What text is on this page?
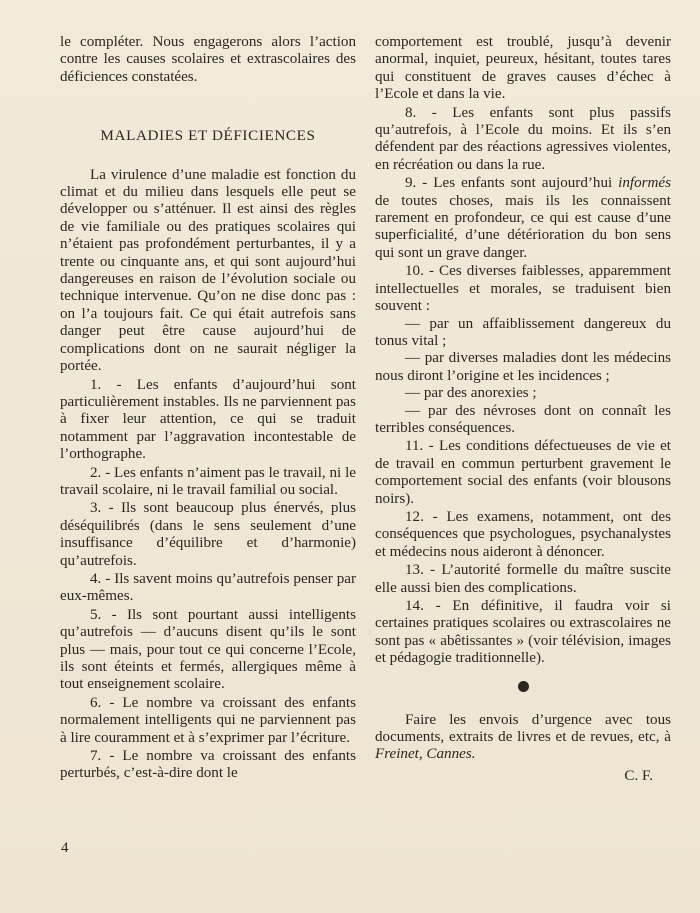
le compléter. Nous engagerons alors l’action contre les causes scolaires et extrascolaires des déficiences constatées.

MALADIES ET DÉFICIENCES

La virulence d’une maladie est fonction du climat et du milieu dans lesquels elle peut se développer ou s’atténuer. Il est ainsi des règles de vie familiale ou des pratiques scolaires qui n’étaient pas profondément perturbantes, il y a trente ou cinquante ans, et qui sont aujourd’hui dangereuses en raison de l’évolution sociale ou technique intervenue. Qu’on ne dise donc pas : on l’a toujours fait. Ce qui était autrefois sans danger peut être cause aujourd’hui de complications dont on ne saurait négliger la portée.

1. - Les enfants d’aujourd’hui sont particulièrement instables. Ils ne parviennent pas à fixer leur attention, ce qui se traduit notamment par l’aggravation incontestable de l’orthographe.

2. - Les enfants n’aiment pas le travail, ni le travail scolaire, ni le travail familial ou social.

3. - Ils sont beaucoup plus énervés, plus déséquilibrés (dans le sens seulement d’une insuffisance d’équilibre et d’harmonie) qu’autrefois.

4. - Ils savent moins qu’autrefois penser par eux-mêmes.

5. - Ils sont pourtant aussi intelligents qu’autrefois — d’aucuns disent qu’ils le sont plus — mais, pour tout ce qui concerne l’Ecole, ils sont éteints et fermés, allergiques même à tout enseignement scolaire.

6. - Le nombre va croissant des enfants normalement intelligents qui ne parviennent pas à lire couramment et à s’exprimer par l’écriture.

7. - Le nombre va croissant des enfants perturbés, c’est-à-dire dont le

comportement est troublé, jusqu’à devenir anormal, inquiet, peureux, hésitant, toutes tares qui constituent de graves causes d’échec à l’Ecole et dans la vie.

8. - Les enfants sont plus passifs qu’autrefois, à l’Ecole du moins. Et ils s’en défendent par des réactions agressives violentes, en récréation ou dans la rue.

9. - Les enfants sont aujourd’hui informés de toutes choses, mais ils les connaissent rarement en profondeur, ce qui est cause d’une superficialité, d’une détérioration du bon sens qui sont un grave danger.

10. - Ces diverses faiblesses, apparemment intellectuelles et morales, se traduisent bien souvent :

— par un affaiblissement dangereux du tonus vital ;

— par diverses maladies dont les médecins nous diront l’origine et les incidences ;

— par des anorexies ;

— par des névroses dont on connaît les terribles conséquences.

11. - Les conditions défectueuses de vie et de travail en commun perturbent gravement le comportement social des enfants (voir blousons noirs).

12. - Les examens, notamment, ont des conséquences que psychologues, psychanalystes et médecins nous aideront à dénoncer.

13. - L’autorité formelle du maître suscite elle aussi bien des complications.

14. - En définitive, il faudra voir si certaines pratiques scolaires ou extrascolaires ne sont pas « abêtissantes » (voir télévision, images et pédagogie traditionnelle).

Faire les envois d’urgence avec tous documents, extraits de livres et de revues, etc, à Freinet, Cannes.

C. F.

4
